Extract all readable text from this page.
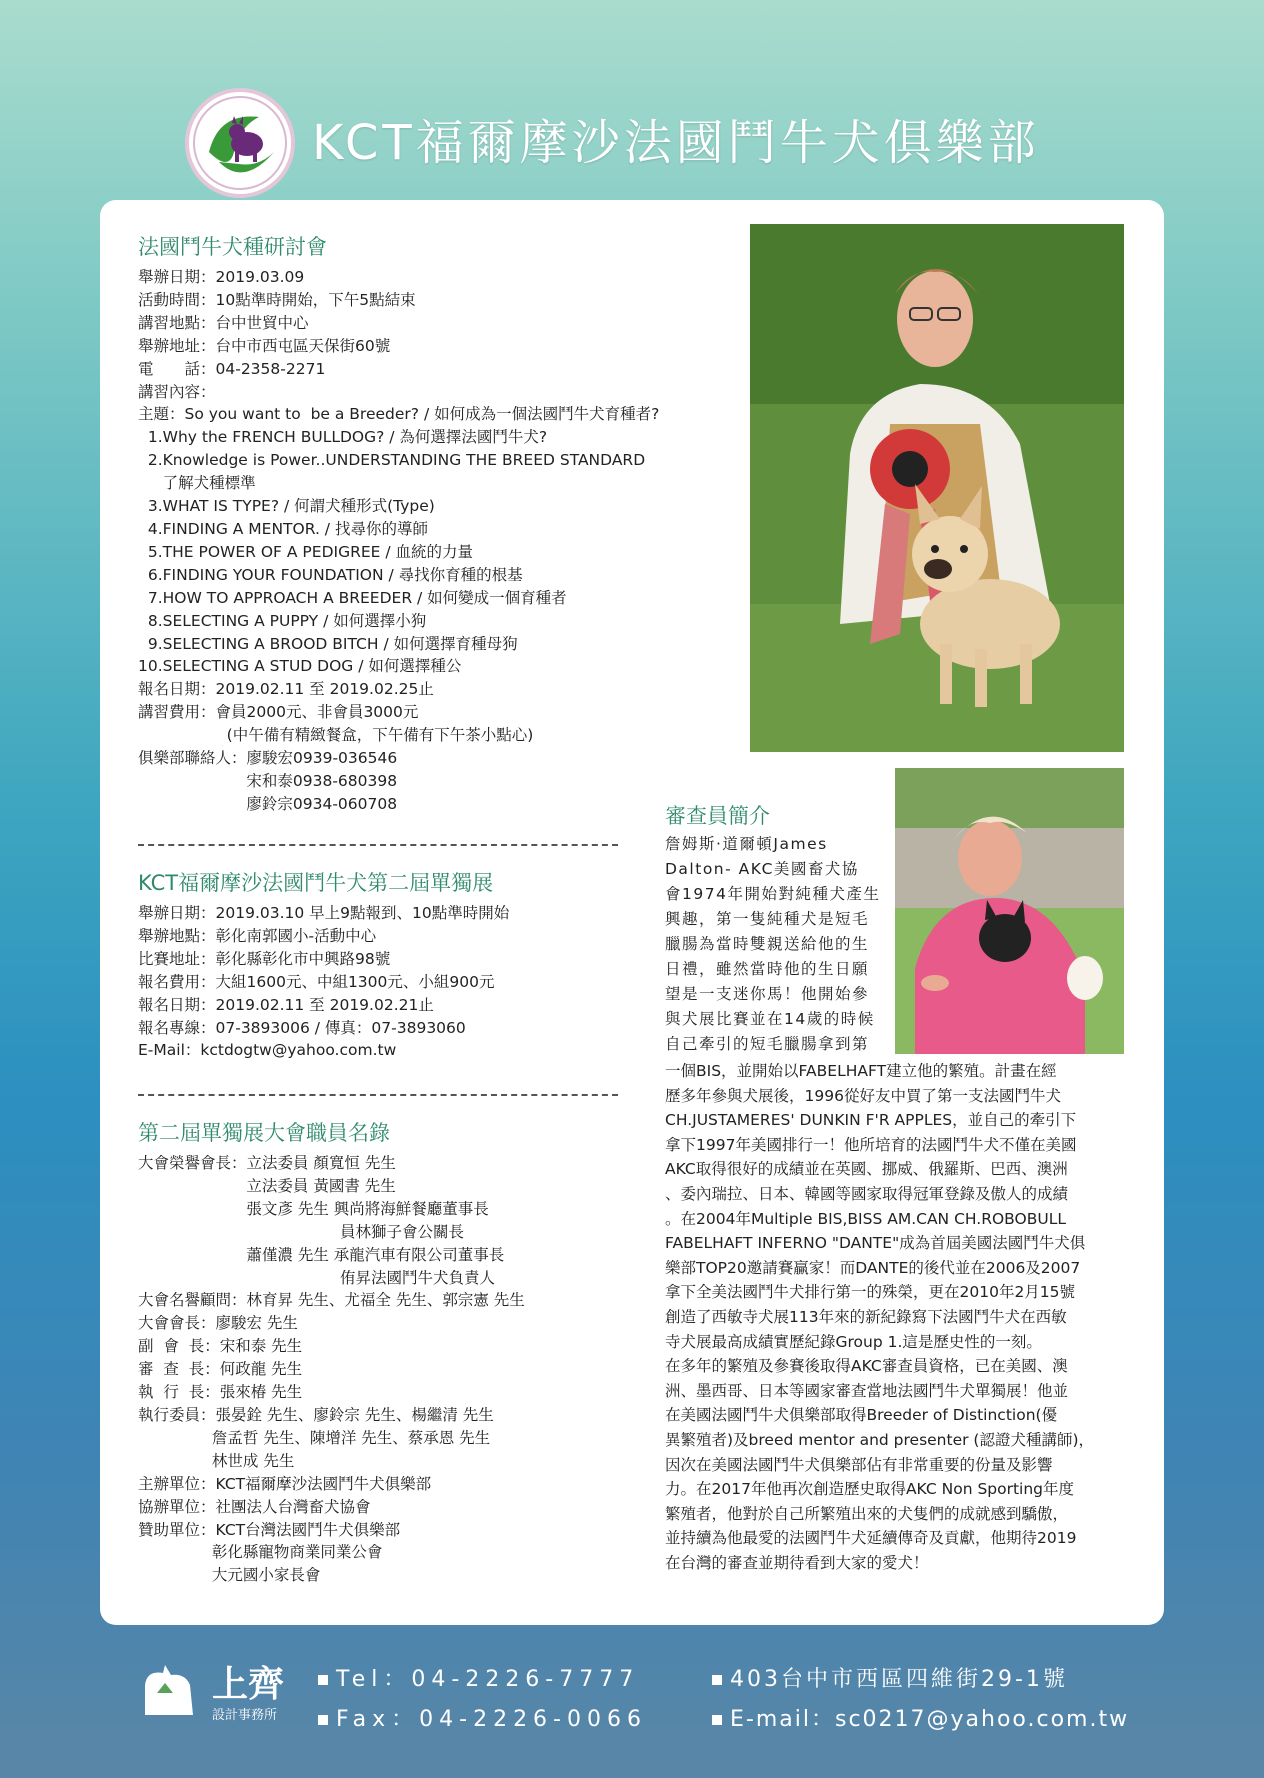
KCT福爾摩沙法國鬥牛犬俱樂部
法國鬥牛犬種研討會
舉辦日期：2019.03.09
活動時間：10點準時開始，下午5點結束
講習地點：台中世貿中心
舉辦地址：台中市西屯區天保街60號
電　　話：04-2358-2271
講習內容：
主題：So you want to  be a Breeder? / 如何成為一個法國鬥牛犬育種者?
1.Why the FRENCH BULLDOG? / 為何選擇法國鬥牛犬?
2.Knowledge is Power..UNDERSTANDING THE BREED STANDARD
了解犬種標準
3.WHAT IS TYPE? / 何謂犬種形式(Type)
4.FINDING A MENTOR. / 找尋你的導師
5.THE POWER OF A PEDIGREE / 血統的力量
6.FINDING YOUR FOUNDATION / 尋找你育種的根基
7.HOW TO APPROACH A BREEDER / 如何變成一個育種者
8.SELECTING A PUPPY / 如何選擇小狗
9.SELECTING A BROOD BITCH / 如何選擇育種母狗
10.SELECTING A STUD DOG / 如何選擇種公
報名日期：2019.02.11 至 2019.02.25止
講習費用：會員2000元、非會員3000元
(中午備有精緻餐盒，下午備有下午茶小點心)
俱樂部聯絡人：廖駿宏0939-036546
宋和泰0938-680398
廖鈴宗0934-060708
KCT福爾摩沙法國鬥牛犬第二屆單獨展
舉辦日期：2019.03.10 早上9點報到、10點準時開始
舉辦地點：彰化南郭國小-活動中心
比賽地址：彰化縣彰化市中興路98號
報名費用：大組1600元、中組1300元、小組900元
報名日期：2019.02.11 至 2019.02.21止
報名專線：07-3893006 / 傳真：07-3893060
E-Mail：kctdogtw@yahoo.com.tw
第二屆單獨展大會職員名錄
大會榮譽會長：立法委員 顏寬恒 先生
立法委員 黃國書 先生
張文彥 先生 興尚將海鮮餐廳董事長
員林獅子會公關長
蕭僅濃 先生 承龍汽車有限公司董事長
侑昇法國鬥牛犬負責人
大會名譽顧問：林育昇 先生、尤福全 先生、郭宗憲 先生
大會會長：廖駿宏 先生
副  會  長：宋和泰 先生
審  查  長：何政龍 先生
執  行  長：張來椿 先生
執行委員：張晏銓 先生、廖鈴宗 先生、楊繼清 先生
詹孟哲 先生、陳增洋 先生、蔡承恩 先生
林世成 先生
主辦單位：KCT福爾摩沙法國鬥牛犬俱樂部
協辦單位：社團法人台灣畜犬協會
贊助單位：KCT台灣法國鬥牛犬俱樂部
彰化縣寵物商業同業公會
大元國小家長會
審查員簡介
詹姆斯‧道爾頓James
Dalton- AKC美國畜犬協
會1974年開始對純種犬產生
興趣，第一隻純種犬是短毛
臘腸為當時雙親送給他的生
日禮，雖然當時他的生日願
望是一支迷你馬！他開始參
與犬展比賽並在14歲的時候
自己牽引的短毛臘腸拿到第
一個BIS，並開始以FABELHAFT建立他的繁殖。計畫在經
歷多年參與犬展後，1996從好友中買了第一支法國鬥牛犬
CH.JUSTAMERES' DUNKIN F'R APPLES，並自己的牽引下
拿下1997年美國排行一！他所培育的法國鬥牛犬不僅在美國
AKC取得很好的成績並在英國、挪威、俄羅斯、巴西、澳洲
、委內瑞拉、日本、韓國等國家取得冠軍登錄及傲人的成績
。在2004年Multiple BIS,BISS AM.CAN CH.ROBOBULL
FABELHAFT INFERNO "DANTE"成為首屆美國法國鬥牛犬俱
樂部TOP20邀請賽贏家！而DANTE的後代並在2006及2007
拿下全美法國鬥牛犬排行第一的殊榮，更在2010年2月15號
創造了西敏寺犬展113年來的新紀錄寫下法國鬥牛犬在西敏
寺犬展最高成績實歷紀錄Group 1.這是歷史性的一刻。
在多年的繁殖及參賽後取得AKC審查員資格，已在美國、澳
洲、墨西哥、日本等國家審查當地法國鬥牛犬單獨展！他並
在美國法國鬥牛犬俱樂部取得Breeder of Distinction(優
異繁殖者)及breed mentor and presenter (認證犬種講師)，
因次在美國法國鬥牛犬俱樂部佔有非常重要的份量及影響
力。在2017年他再次創造歷史取得AKC Non Sporting年度
繁殖者，他對於自己所繁殖出來的犬隻們的成就感到驕傲，
並持續為他最愛的法國鬥牛犬延續傳奇及貢獻，他期待2019
在台灣的審查並期待看到大家的愛犬！
上齊
設計事務所
Tel：04-2226-7777
Fax：04-2226-0066
403台中市西區四維街29-1號
E-mail：sc0217@yahoo.com.tw
